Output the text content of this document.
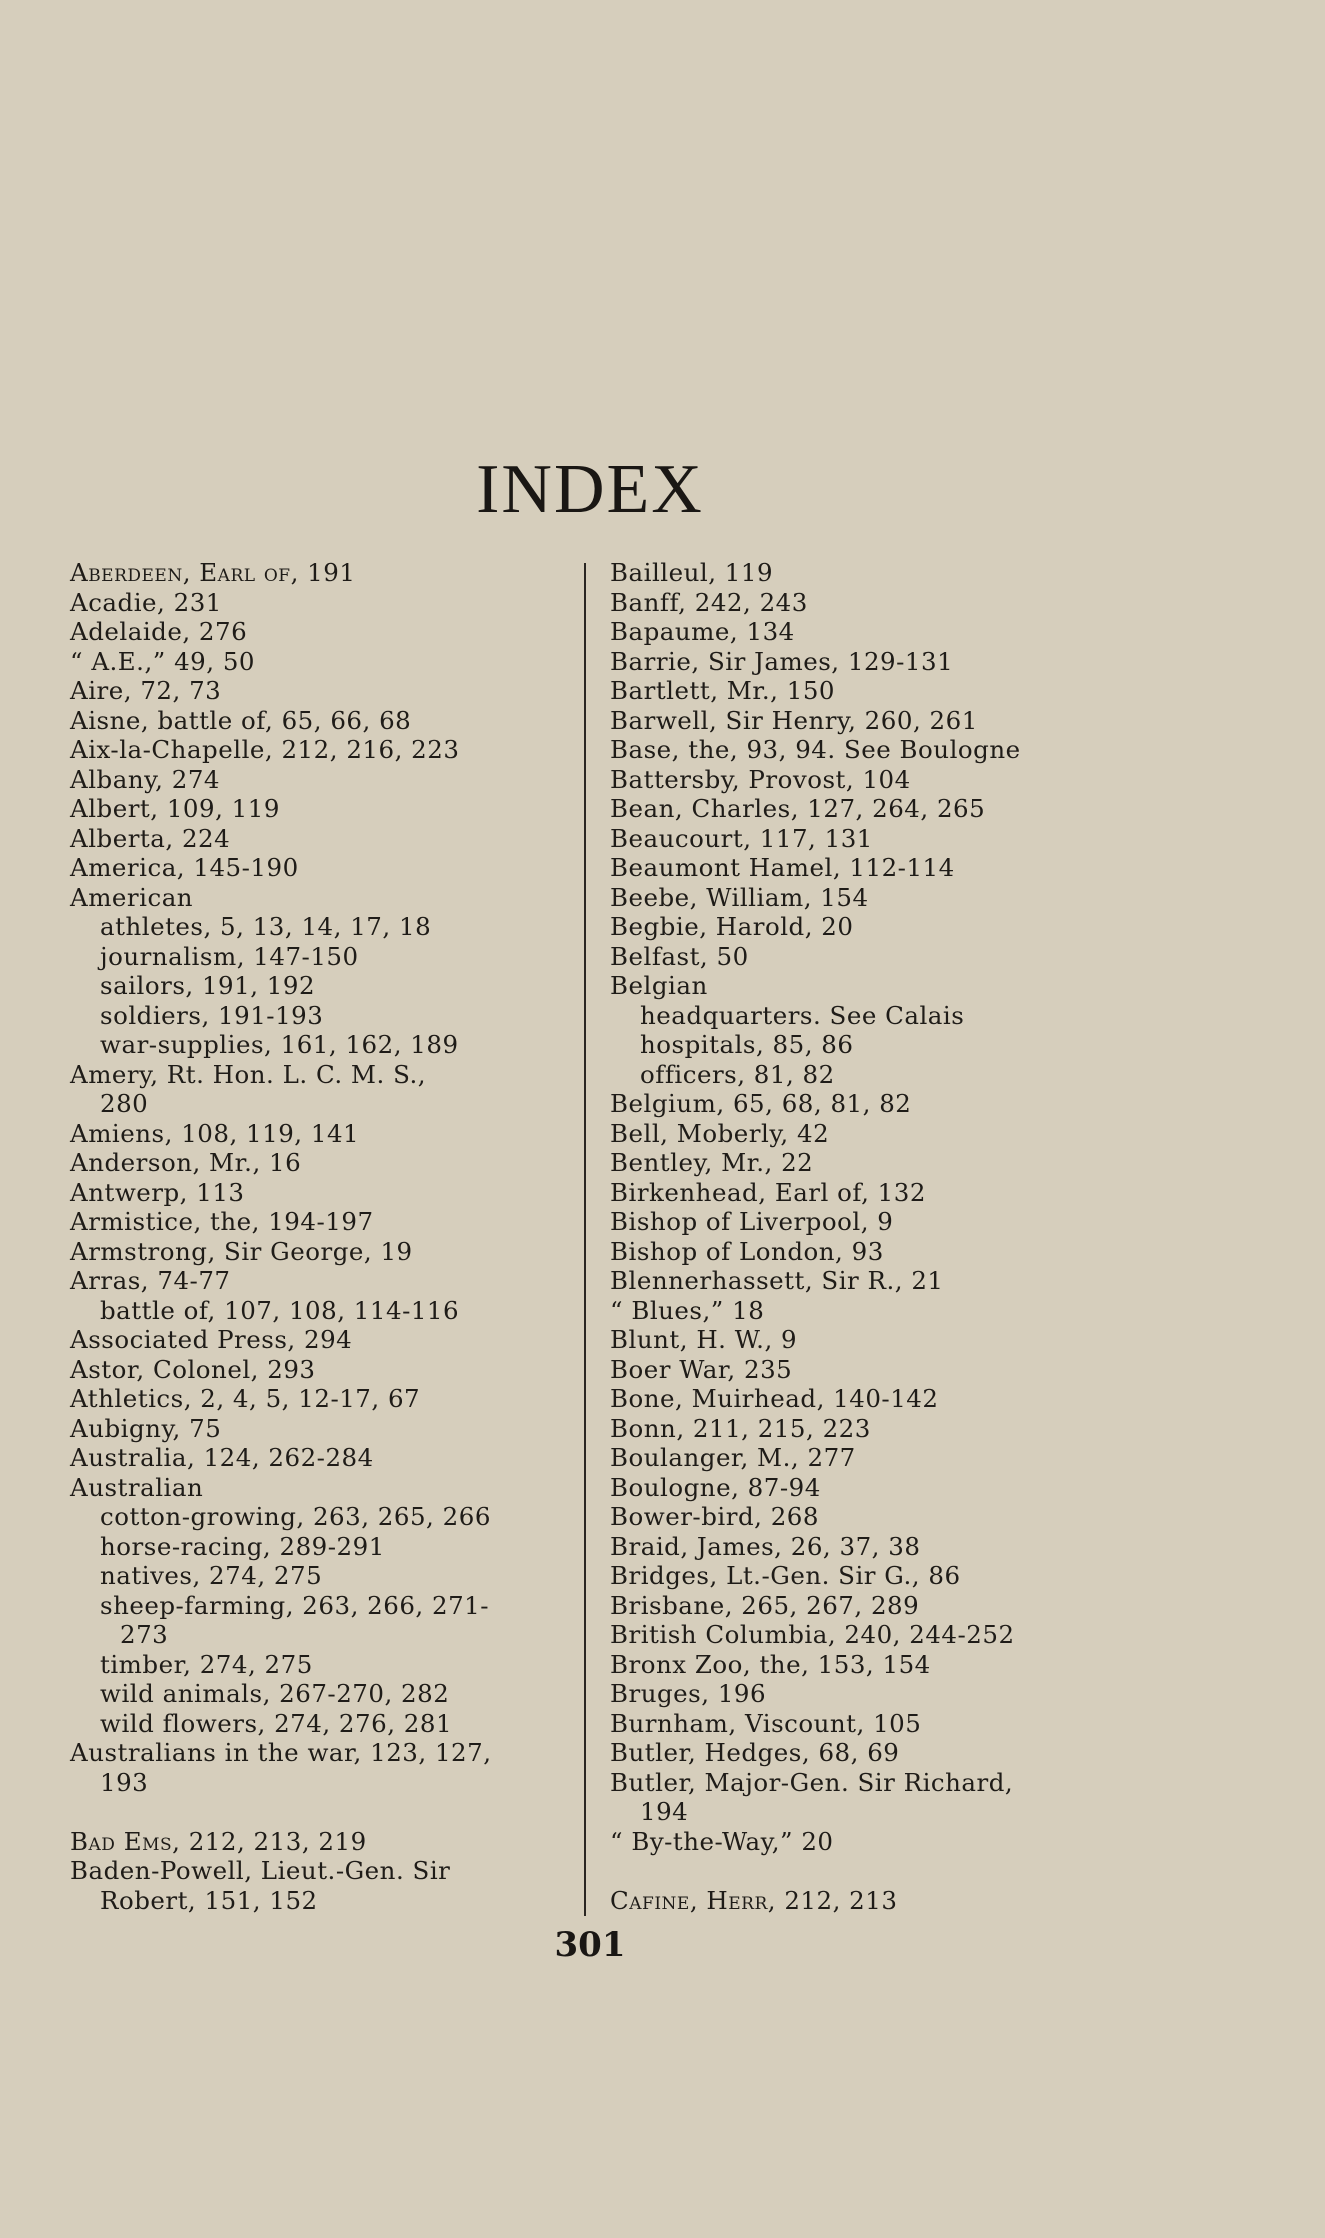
INDEX
Aberdeen, Earl of, 191
Acadie, 231
Adelaide, 276
“ A.E.,” 49, 50
Aire, 72, 73
Aisne, battle of, 65, 66, 68
Aix-la-Chapelle, 212, 216, 223
Albany, 274
Albert, 109, 119
Alberta, 224
America, 145-190
American
athletes, 5, 13, 14, 17, 18
journalism, 147-150
sailors, 191, 192
soldiers, 191-193
war-supplies, 161, 162, 189
Amery, Rt. Hon. L. C. M. S.,
280
Amiens, 108, 119, 141
Anderson, Mr., 16
Antwerp, 113
Armistice, the, 194-197
Armstrong, Sir George, 19
Arras, 74-77
battle of, 107, 108, 114-116
Associated Press, 294
Astor, Colonel, 293
Athletics, 2, 4, 5, 12-17, 67
Aubigny, 75
Australia, 124, 262-284
Australian
cotton-growing, 263, 265, 266
horse-racing, 289-291
natives, 274, 275
sheep-farming, 263, 266, 271-
273
timber, 274, 275
wild animals, 267-270, 282
wild flowers, 274, 276, 281
Australians in the war, 123, 127,
193
Bad Ems, 212, 213, 219
Baden-Powell, Lieut.-Gen. Sir
Robert, 151, 152
Bailleul, 119
Banff, 242, 243
Bapaume, 134
Barrie, Sir James, 129-131
Bartlett, Mr., 150
Barwell, Sir Henry, 260, 261
Base, the, 93, 94. See Boulogne
Battersby, Provost, 104
Bean, Charles, 127, 264, 265
Beaucourt, 117, 131
Beaumont Hamel, 112-114
Beebe, William, 154
Begbie, Harold, 20
Belfast, 50
Belgian
headquarters. See Calais
hospitals, 85, 86
officers, 81, 82
Belgium, 65, 68, 81, 82
Bell, Moberly, 42
Bentley, Mr., 22
Birkenhead, Earl of, 132
Bishop of Liverpool, 9
Bishop of London, 93
Blennerhassett, Sir R., 21
“ Blues,” 18
Blunt, H. W., 9
Boer War, 235
Bone, Muirhead, 140-142
Bonn, 211, 215, 223
Boulanger, M., 277
Boulogne, 87-94
Bower-bird, 268
Braid, James, 26, 37, 38
Bridges, Lt.-Gen. Sir G., 86
Brisbane, 265, 267, 289
British Columbia, 240, 244-252
Bronx Zoo, the, 153, 154
Bruges, 196
Burnham, Viscount, 105
Butler, Hedges, 68, 69
Butler, Major-Gen. Sir Richard,
194
“ By-the-Way,” 20
Cafine, Herr, 212, 213
301
